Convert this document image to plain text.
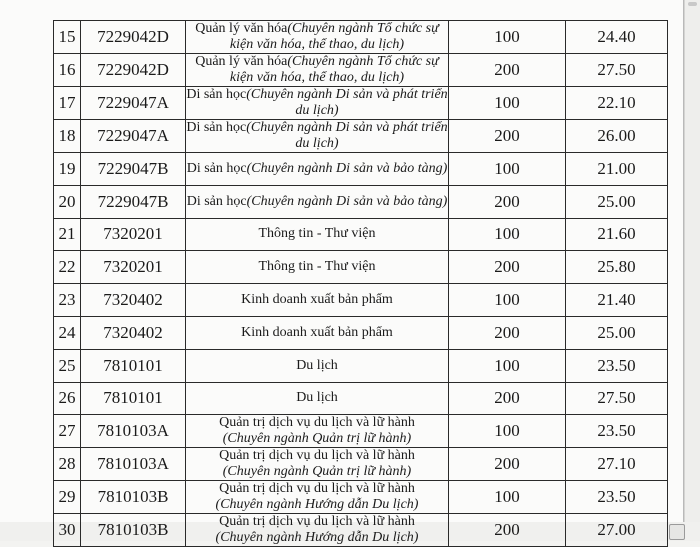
15	7229042D	Quản lý văn hóa(Chuyên ngành Tổ chức sự kiện văn hóa, thể thao, du lịch)	100	24.40
16	7229042D	Quản lý văn hóa(Chuyên ngành Tổ chức sự kiện văn hóa, thể thao, du lịch)	200	27.50
17	7229047A	Di sản học(Chuyên ngành Di sản và phát triển du lịch)	100	22.10
18	7229047A	Di sản học(Chuyên ngành Di sản và phát triển du lịch)	200	26.00
19	7229047B	Di sản học(Chuyên ngành Di sản và bảo tàng)	100	21.00
20	7229047B	Di sản học(Chuyên ngành Di sản và bảo tàng)	200	25.00
21	7320201	Thông tin - Thư viện	100	21.60
22	7320201	Thông tin - Thư viện	200	25.80
23	7320402	Kinh doanh xuất bản phẩm	100	21.40
24	7320402	Kinh doanh xuất bản phẩm	200	25.00
25	7810101	Du lịch	100	23.50
26	7810101	Du lịch	200	27.50
27	7810103A	Quản trị dịch vụ du lịch và lữ hành
(Chuyên ngành Quản trị lữ hành)	100	23.50
28	7810103A	Quản trị dịch vụ du lịch và lữ hành
(Chuyên ngành Quản trị lữ hành)	200	27.10
29	7810103B	Quản trị dịch vụ du lịch và lữ hành
(Chuyên ngành Hướng dẫn Du lịch)	100	23.50
30	7810103B	Quản trị dịch vụ du lịch và lữ hành
(Chuyên ngành Hướng dẫn Du lịch)	200	27.00
